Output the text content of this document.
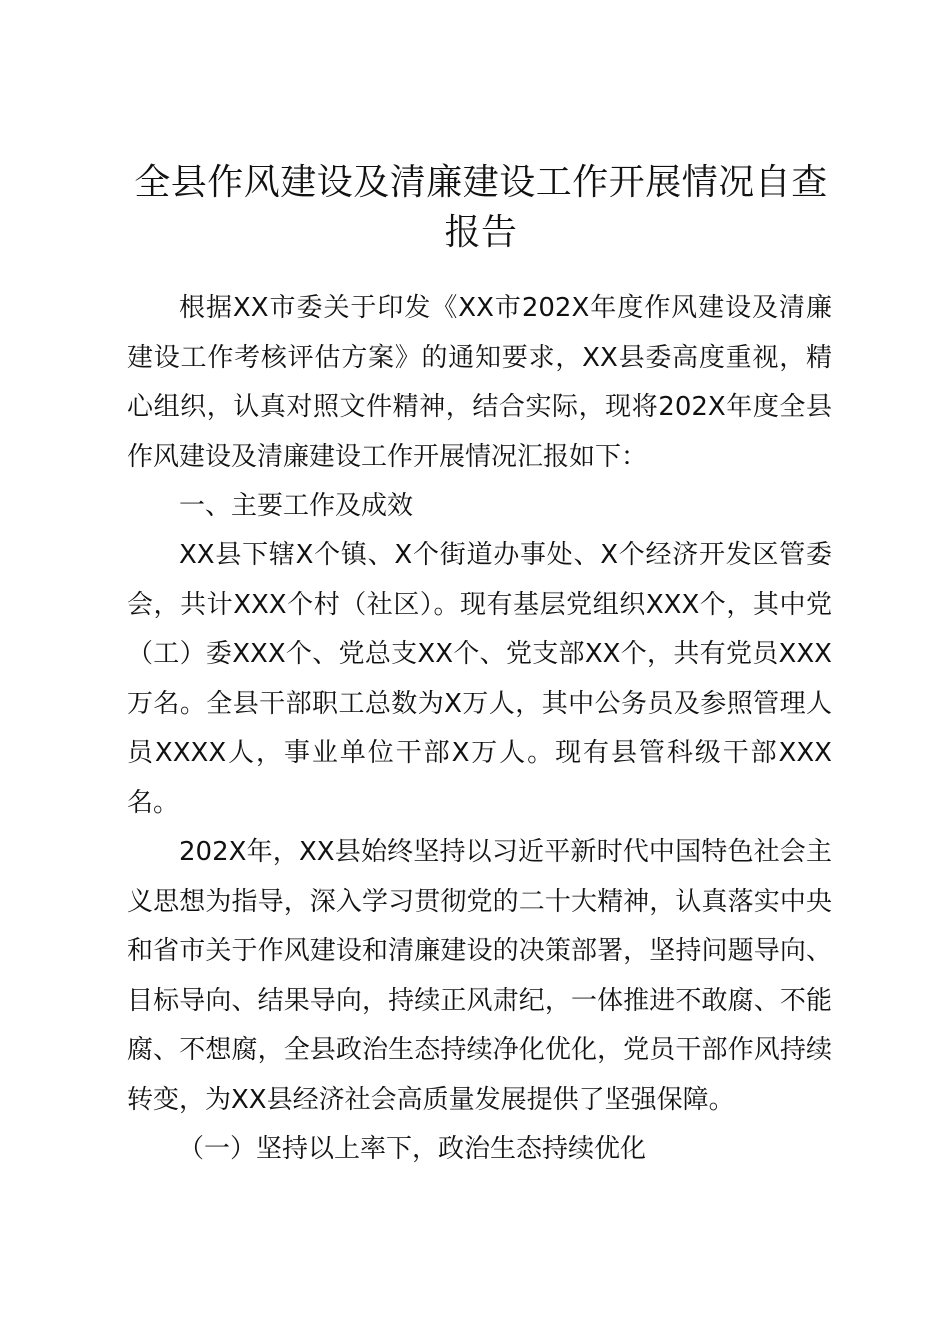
全县作风建设及清廉建设工作开展情况自查报告

根据XX市委关于印发《XX市202X年度作风建设及清廉建设工作考核评估方案》的通知要求，XX县委高度重视，精心组织，认真对照文件精神，结合实际，现将202X年度全县作风建设及清廉建设工作开展情况汇报如下：

一、主要工作及成效

XX县下辖X个镇、X个街道办事处、X个经济开发区管委会，共计XXX个村（社区）。现有基层党组织XXX个，其中党（工）委XXX个、党总支XX个、党支部XX个，共有党员XXX万名。全县干部职工总数为X万人，其中公务员及参照管理人员XXXX人，事业单位干部X万人。现有县管科级干部XXX名。

202X年，XX县始终坚持以习近平新时代中国特色社会主义思想为指导，深入学习贯彻党的二十大精神，认真落实中央和省市关于作风建设和清廉建设的决策部署，坚持问题导向、目标导向、结果导向，持续正风肃纪，一体推进不敢腐、不能腐、不想腐，全县政治生态持续净化优化，党员干部作风持续转变，为XX县经济社会高质量发展提供了坚强保障。

（一）坚持以上率下，政治生态持续优化
